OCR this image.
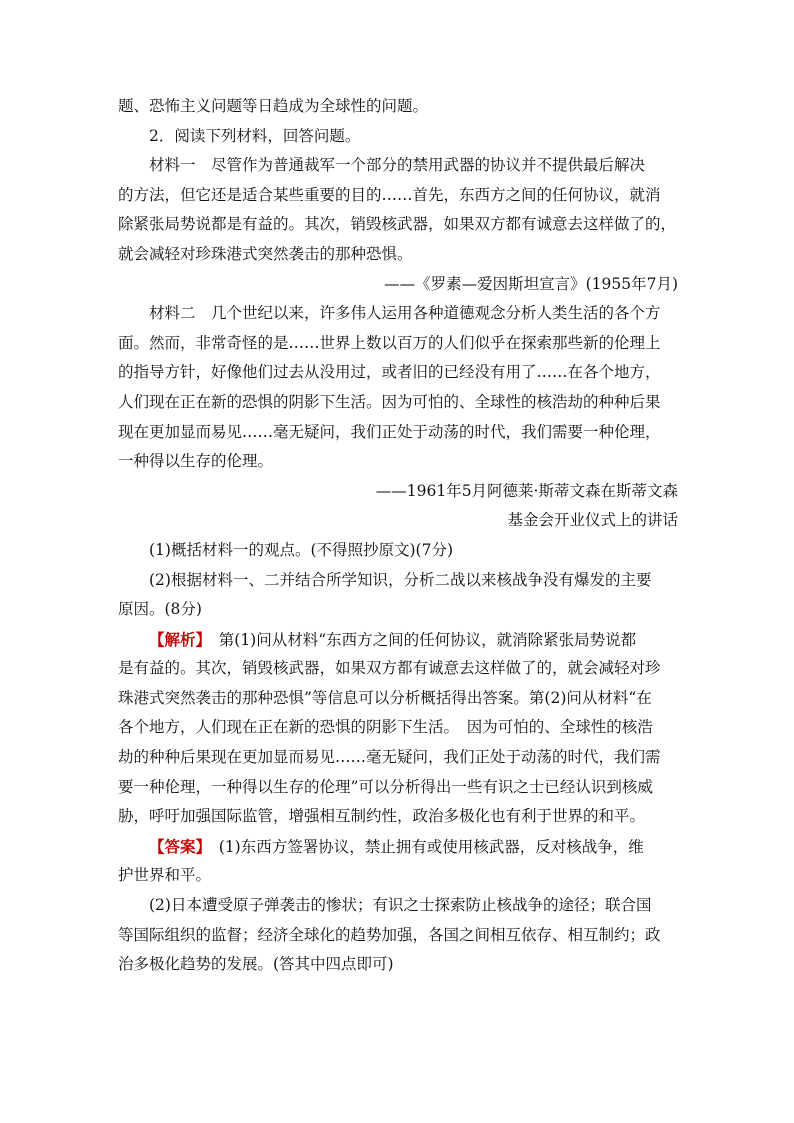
题、恐怖主义问题等日趋成为全球性的问题。

2．阅读下列材料，回答问题。

材料一　尽管作为普通裁军一个部分的禁用武器的协议并不提供最后解决

的方法，但它还是适合某些重要的目的……首先，东西方之间的任何协议，就消

除紧张局势说都是有益的。其次，销毁核武器，如果双方都有诚意去这样做了的，

就会减轻对珍珠港式突然袭击的那种恐惧。

——《罗素—爱因斯坦宣言》(1955年7月)

材料二　几个世纪以来，许多伟人运用各种道德观念分析人类生活的各个方

面。然而，非常奇怪的是……世界上数以百万的人们似乎在探索那些新的伦理上

的指导方针，好像他们过去从没用过，或者旧的已经没有用了……在各个地方，

人们现在正在新的恐惧的阴影下生活。因为可怕的、全球性的核浩劫的种种后果

现在更加显而易见……毫无疑问，我们正处于动荡的时代，我们需要一种伦理，

一种得以生存的伦理。

——1961年5月阿德莱·斯蒂文森在斯蒂文森

基金会开业仪式上的讲话

(1)概括材料一的观点。(不得照抄原文)(7分)

(2)根据材料一、二并结合所学知识，分析二战以来核战争没有爆发的主要

原因。(8分)

【解析】　第(1)问从材料“东西方之间的任何协议，就消除紧张局势说都

是有益的。其次，销毁核武器，如果双方都有诚意去这样做了的，就会减轻对珍

珠港式突然袭击的那种恐惧”等信息可以分析概括得出答案。第(2)问从材料“在

各个地方，人们现在正在新的恐惧的阴影下生活。　因为可怕的、全球性的核浩

劫的种种后果现在更加显而易见……毫无疑问，我们正处于动荡的时代，我们需

要一种伦理，一种得以生存的伦理”可以分析得出一些有识之士已经认识到核威

胁，呼吁加强国际监管，增强相互制约性，政治多极化也有利于世界的和平。

【答案】　(1)东西方签署协议，禁止拥有或使用核武器，反对核战争，维

护世界和平。

(2)日本遭受原子弹袭击的惨状；有识之士探索防止核战争的途径；联合国

等国际组织的监督；经济全球化的趋势加强，各国之间相互依存、相互制约；政

治多极化趋势的发展。(答其中四点即可)
